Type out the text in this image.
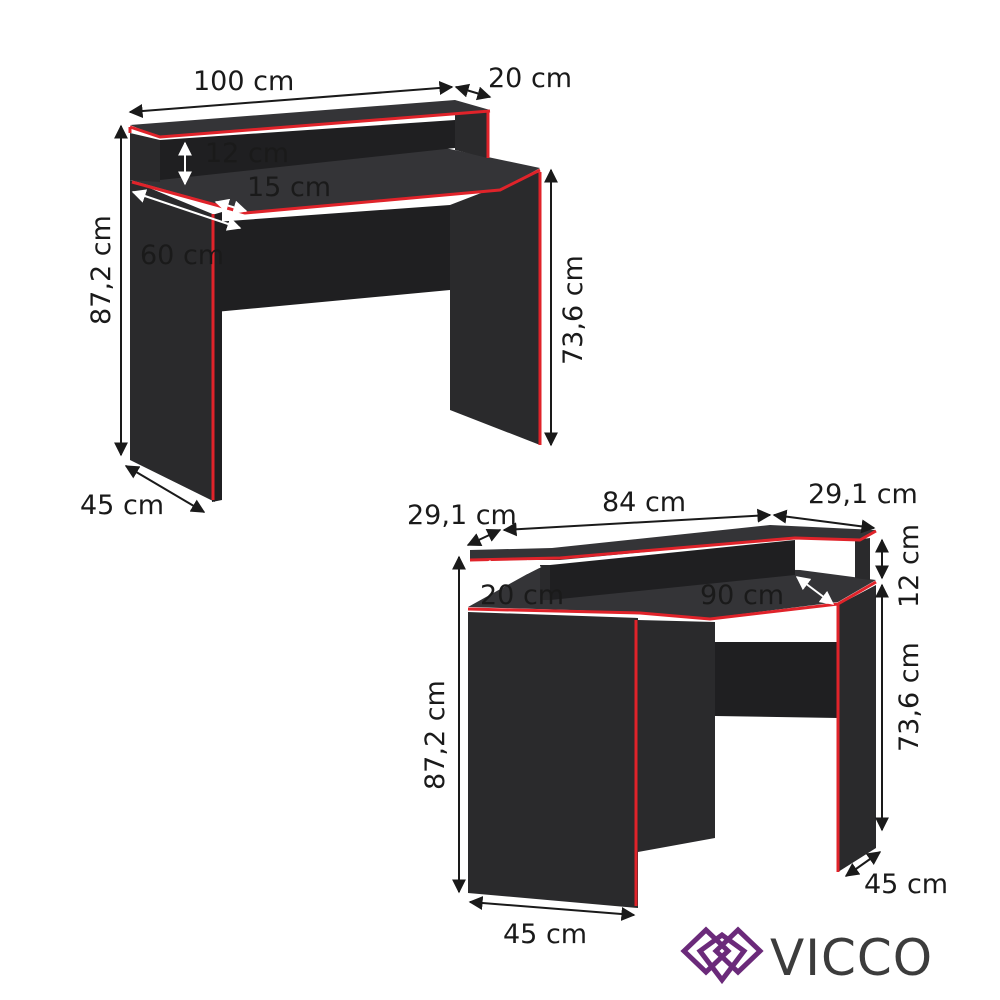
100 cm	20 cm
12 cm
15 cm
60 cm
87,2 cm	73,6 cm
45 cm	29,1 cm	84 cm	29,1 cm
20 cm	90 cm	12 cm
73,6 cm
87,2 cm
45 cm
45 cm
VICCO
